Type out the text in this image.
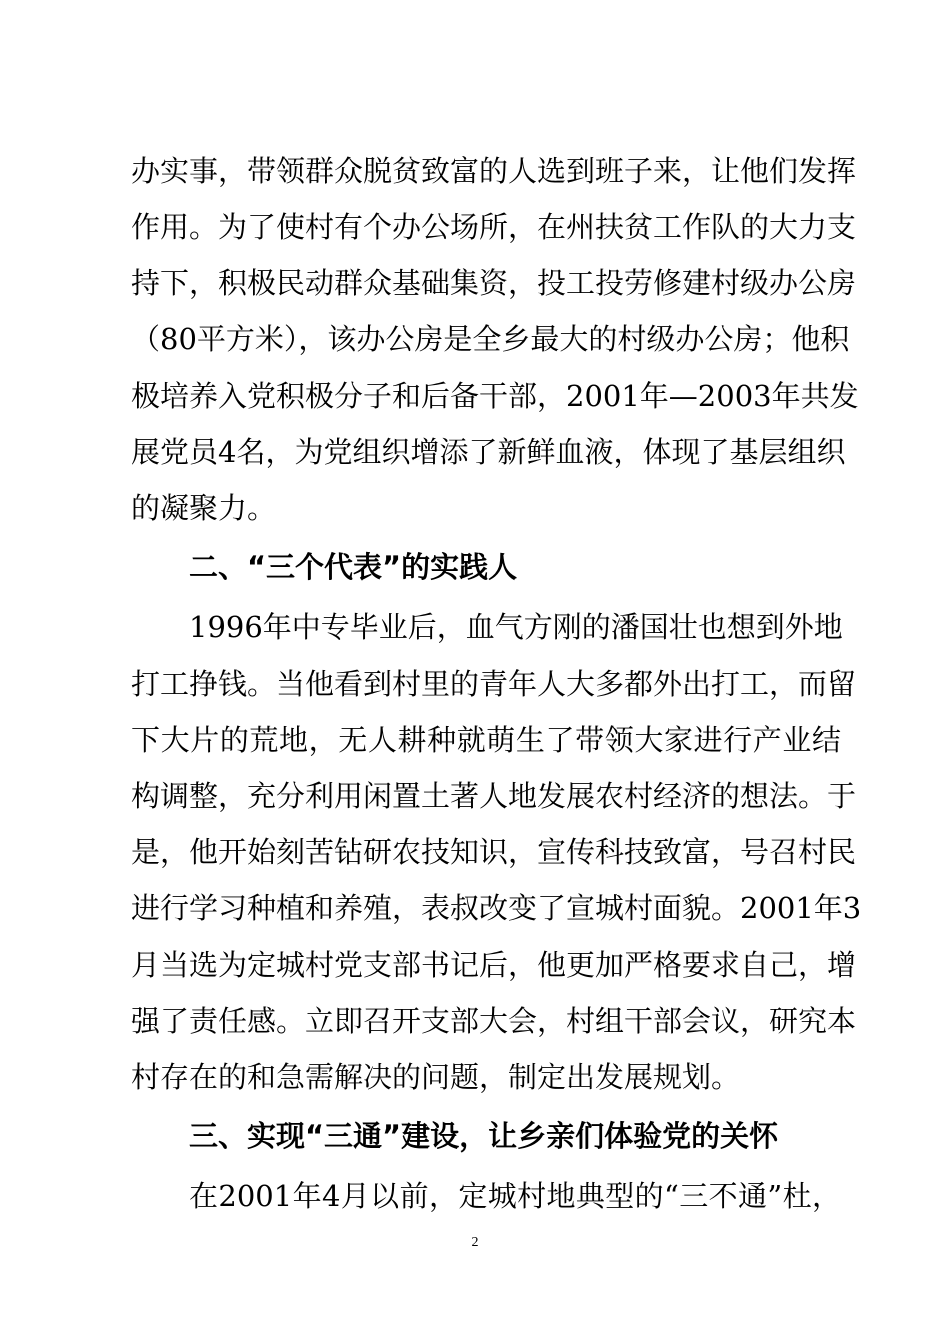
办实事，带领群众脱贫致富的人选到班子来，让他们发挥
作用。为了使村有个办公场所，在州扶贫工作队的大力支
持下，积极民动群众基础集资，投工投劳修建村级办公房
（80平方米），该办公房是全乡最大的村级办公房；他积
极培养入党积极分子和后备干部，2001年—2003年共发
展党员4名，为党组织增添了新鲜血液，体现了基层组织
的凝聚力。
二、“三个代表”的实践人
1996年中专毕业后，血气方刚的潘国壮也想到外地
打工挣钱。当他看到村里的青年人大多都外出打工，而留
下大片的荒地，无人耕种就萌生了带领大家进行产业结
构调整，充分利用闲置土著人地发展农村经济的想法。于
是，他开始刻苦钻研农技知识，宣传科技致富，号召村民
进行学习种植和养殖，表叔改变了宣城村面貌。2001年3
月当选为定城村党支部书记后，他更加严格要求自己，增
强了责任感。立即召开支部大会，村组干部会议，研究本
村存在的和急需解决的问题，制定出发展规划。
三、实现“三通”建设，让乡亲们体验党的关怀
在2001年4月以前，定城村地典型的“三不通”杜，
2
